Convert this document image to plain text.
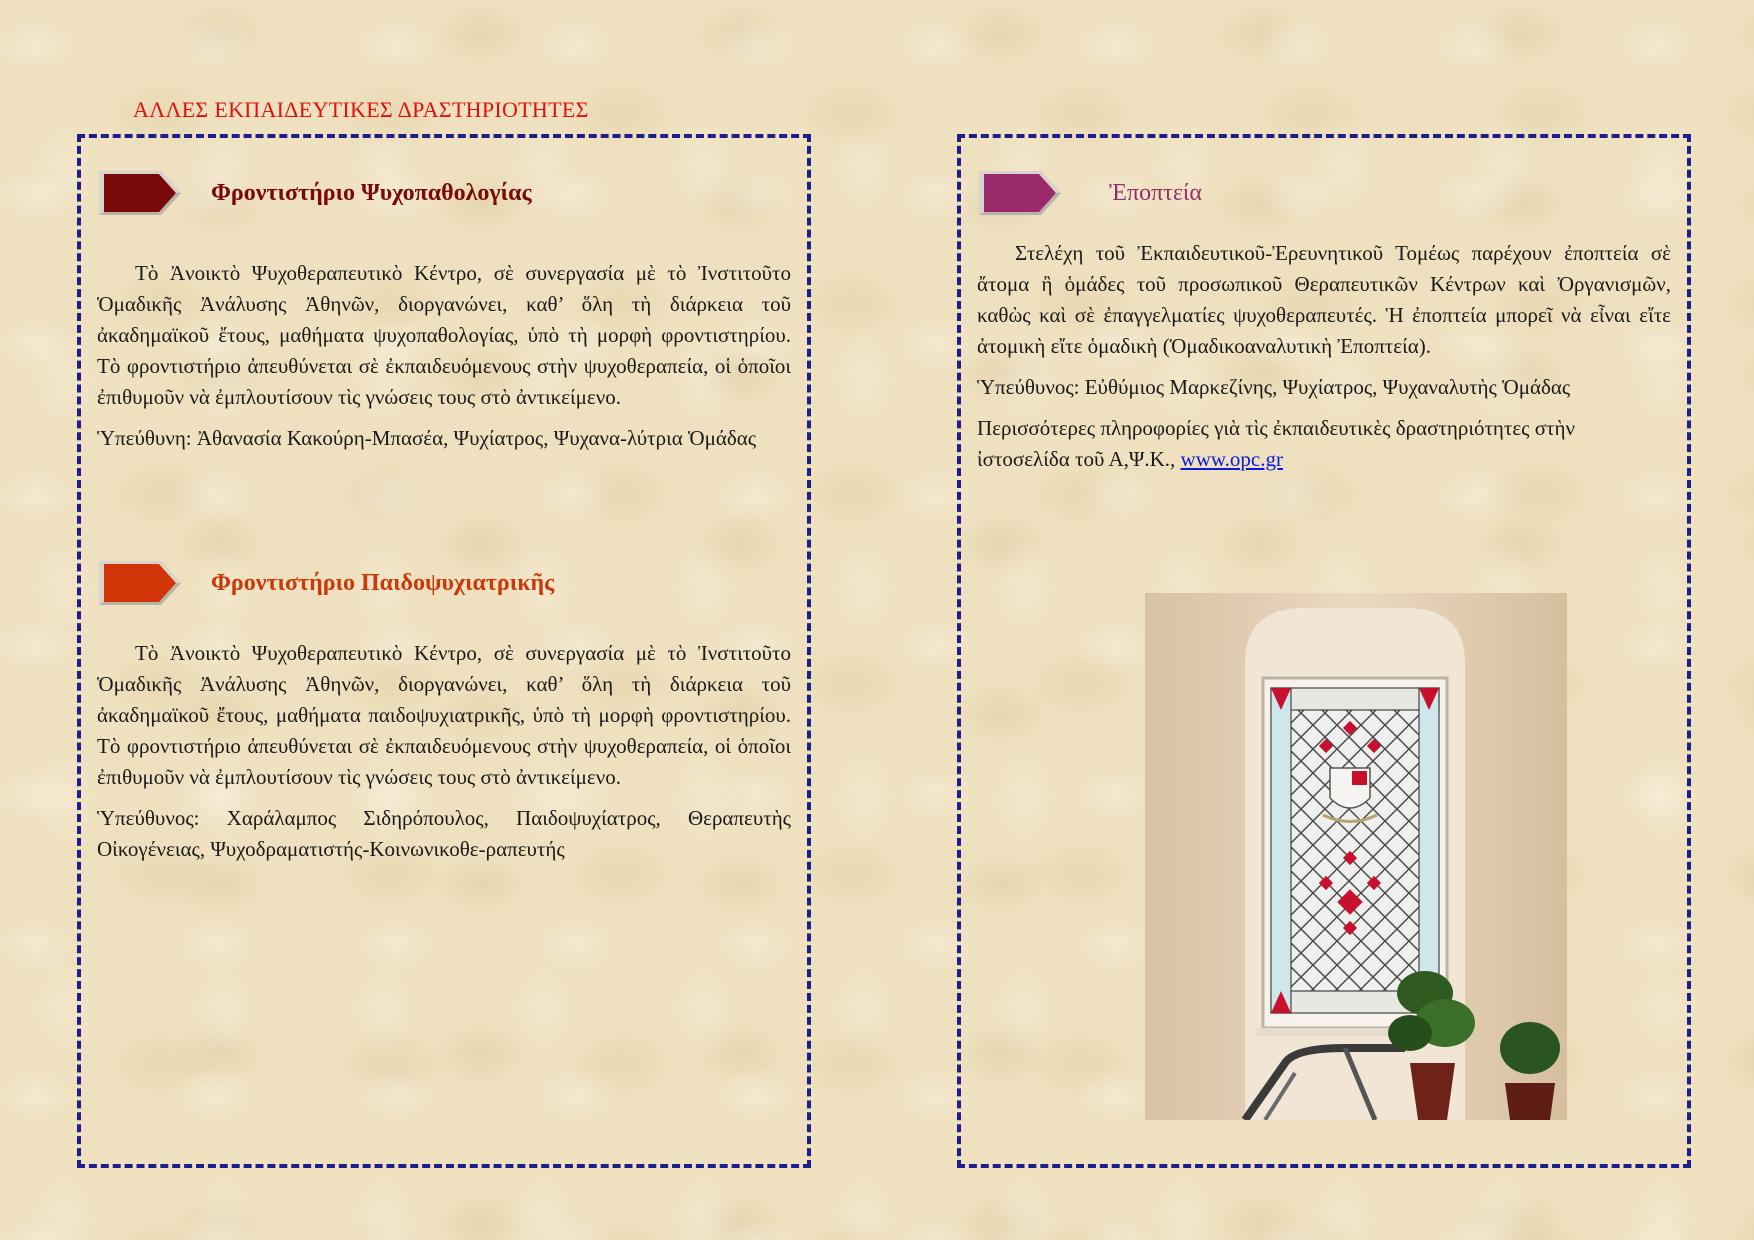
ΑΛΛΕΣ ΕΚΠΑΙΔΕΥΤΙΚΕΣ ΔΡΑΣΤΗΡΙΟΤΗΤΕΣ
Φροντιστήριο Ψυχοπαθολογίας

Τὸ Ἀνοικτὸ Ψυχοθεραπευτικὸ Κέντρο, σὲ συνεργασία μὲ τὸ Ἰνστιτοῦτο Ὁμαδικῆς Ἀνάλυσης Ἀθηνῶν, διοργανώνει, καθ’ ὅλη τὴ διάρκεια τοῦ ἀκαδημαϊκοῦ ἔτους, μαθήματα ψυχοπαθολογίας, ὑπὸ τὴ μορφὴ φροντιστηρίου. Τὸ φροντιστήριο ἀπευθύνεται σὲ ἐκπαιδευόμενους στὴν ψυχοθεραπεία, οἱ ὁποῖοι ἐπιθυμοῦν νὰ ἐμπλουτίσουν τὶς γνώσεις τους στὸ ἀντικείμενο.

Ὑπεύθυνη: Ἀθανασία Κακούρη-Μπασέα, Ψυχίατρος, Ψυχανα-λύτρια Ὁμάδας

Φροντιστήριο Παιδοψυχιατρικῆς

Τὸ Ἀνοικτὸ Ψυχοθεραπευτικὸ Κέντρο, σὲ συνεργασία μὲ τὸ Ἰνστιτοῦτο Ὁμαδικῆς Ἀνάλυσης Ἀθηνῶν, διοργανώνει, καθ’ ὅλη τὴ διάρκεια τοῦ ἀκαδημαϊκοῦ ἔτους, μαθήματα παιδοψυχιατρικῆς, ὑπὸ τὴ μορφὴ φροντιστηρίου. Τὸ φροντιστήριο ἀπευθύνεται σὲ ἐκπαιδευόμενους στὴν ψυχοθεραπεία, οἱ ὁποῖοι ἐπιθυμοῦν νὰ ἐμπλουτίσουν τὶς γνώσεις τους στὸ ἀντικείμενο.

Ὑπεύθυνος: Χαράλαμπος Σιδηρόπουλος, Παιδοψυχίατρος, Θεραπευτὴς Οἰκογένειας, Ψυχοδραματιστής-Κοινωνικοθε-ραπευτής

Ἐποπτεία

Στελέχη τοῦ Ἐκπαιδευτικοῦ-Ἐρευνητικοῦ Τομέως παρέχουν ἐποπτεία σὲ ἄτομα ἢ ὁμάδες τοῦ προσωπικοῦ Θεραπευτικῶν Κέντρων καὶ Ὀργανισμῶν, καθὼς καὶ σὲ ἐπαγγελματίες ψυχοθεραπευτές. Ἡ ἐποπτεία μπορεῖ νὰ εἶναι εἴτε ἀτομικὴ εἴτε ὁμαδικὴ (Ὁμαδικοαναλυτικὴ Ἐποπτεία).

Ὑπεύθυνος: Εὐθύμιος Μαρκεζίνης, Ψυχίατρος, Ψυχαναλυτὴς Ὁμάδας

Περισσότερες πληροφορίες γιὰ τὶς ἐκπαιδευτικὲς δραστηριότητες στὴν ἰστοσελίδα τοῦ Α,Ψ.Κ., www.opc.gr
